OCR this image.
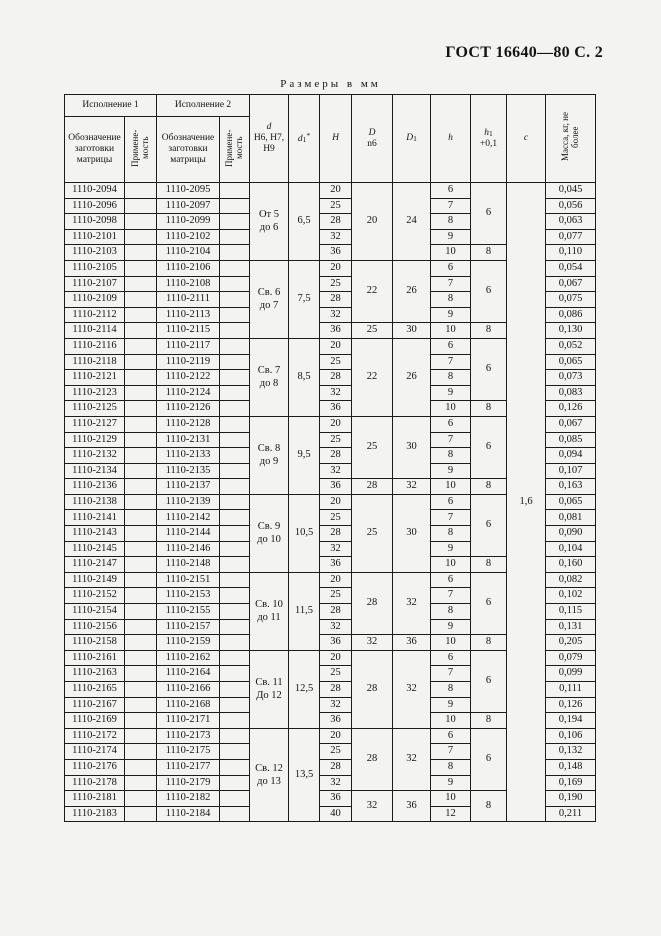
ГОСТ 16640—80 С. 2
Размеры в мм
Исполнение 1		Исполнение 2		d
H6, H7, H9	d1*	H	D
n6	D1	h	h1
+0,1	c	Масса, кг, не более
Обозначение заготовки матрицы	Примене- мость	Обозначение заготовки матрицы	Примене- мость									
1110-2094		1110-2095		От 5 до 6	6,5	20	20	24	6	6	1,6	0,045
1110-2096		1110-2097				25			7			0,056
1110-2098		1110-2099				28			8			0,063
1110-2101		1110-2102				32			9			0,077
1110-2103		1110-2104				36			10	8		0,110
1110-2105		1110-2106		Св. 6 до 7	7,5	20	22	26	6	6		0,054
1110-2107		1110-2108				25			7			0,067
1110-2109		1110-2111				28			8			0,075
1110-2112		1110-2113				32			9			0,086
1110-2114		1110-2115				36	25	30	10	8		0,130
1110-2116		1110-2117		Св. 7 до 8	8,5	20	22	26	6	6		0,052
1110-2118		1110-2119				25			7			0,065
1110-2121		1110-2122				28			8			0,073
1110-2123		1110-2124				32			9			0,083
1110-2125		1110-2126				36			10	8		0,126
1110-2127		1110-2128		Св. 8 до 9	9,5	20	25	30	6	6		0,067
1110-2129		1110-2131				25			7			0,085
1110-2132		1110-2133				28			8			0,094
1110-2134		1110-2135				32			9			0,107
1110-2136		1110-2137				36	28	32	10	8		0,163
1110-2138		1110-2139		Св. 9 до 10	10,5	20	25	30	6	6		0,065
1110-2141		1110-2142				25			7			0,081
1110-2143		1110-2144				28			8			0,090
1110-2145		1110-2146				32			9			0,104
1110-2147		1110-2148				36			10	8		0,160
1110-2149		1110-2151		Св. 10 до 11	11,5	20	28	32	6	6		0,082
1110-2152		1110-2153				25			7			0,102
1110-2154		1110-2155				28			8			0,115
1110-2156		1110-2157				32			9			0,131
1110-2158		1110-2159				36	32	36	10	8		0,205
1110-2161		1110-2162		Св. 11 До 12	12,5	20	28	32	6	6		0,079
1110-2163		1110-2164				25			7			0,099
1110-2165		1110-2166				28			8			0,111
1110-2167		1110-2168				32			9			0,126
1110-2169		1110-2171				36			10	8		0,194
1110-2172		1110-2173		Св. 12 до 13	13,5	20	28	32	6	6		0,106
1110-2174		1110-2175				25			7			0,132
1110-2176		1110-2177				28			8			0,148
1110-2178		1110-2179				32			9			0,169
1110-2181		1110-2182				36	32	36	10	8		0,190
1110-2183		1110-2184				40			12			0,211
